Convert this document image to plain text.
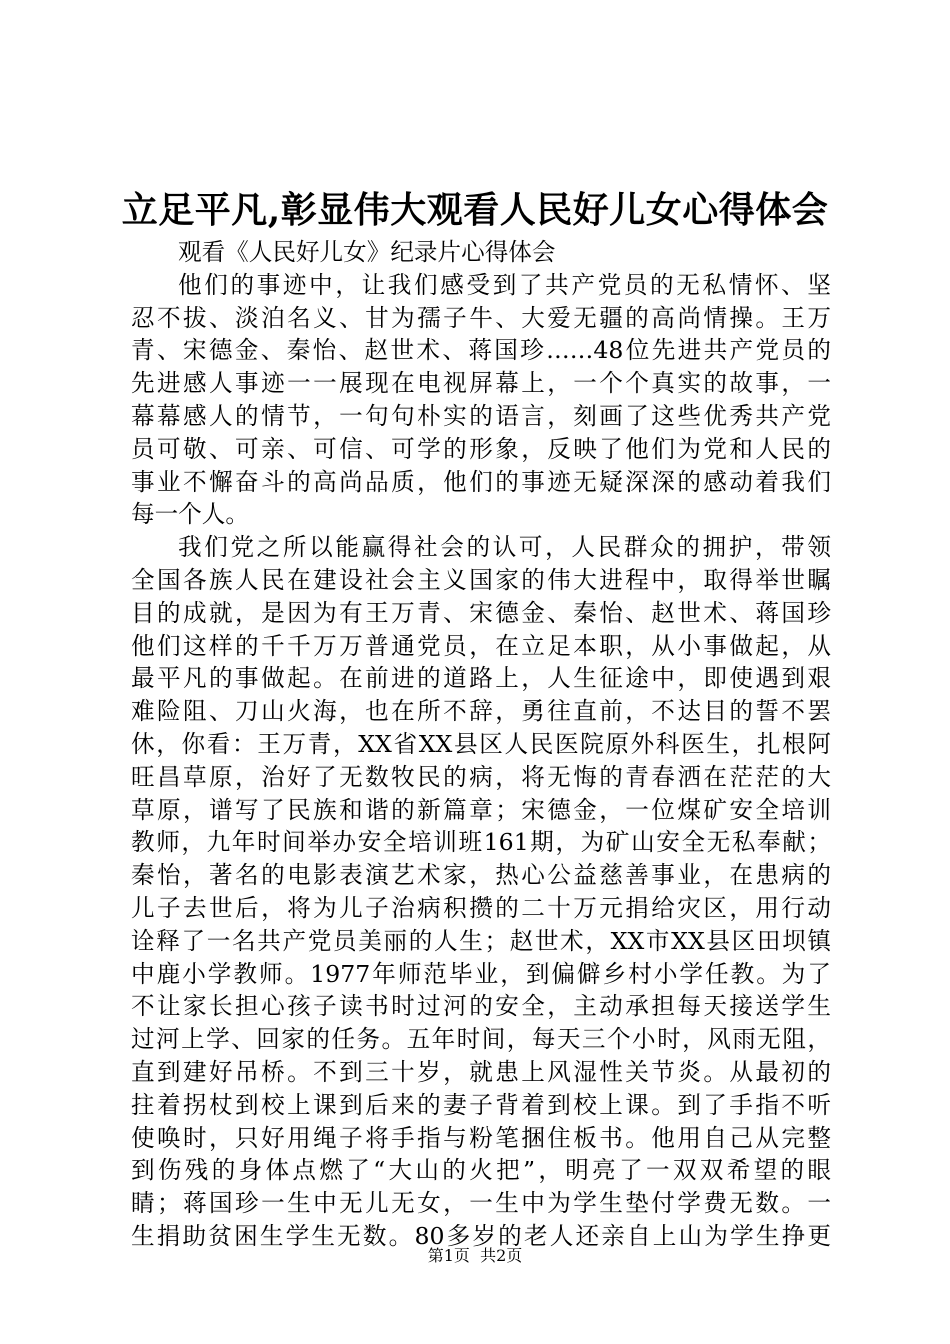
立足平凡,彰显伟大观看人民好儿女心得体会
观看《人民好儿女》纪录片心得体会
他们的事迹中，让我们感受到了共产党员的无私情怀、坚
忍不拔、淡泊名义、甘为孺子牛、大爱无疆的高尚情操。王万
青、宋德金、秦怡、赵世术、蒋国珍……48位先进共产党员的
先进感人事迹一一展现在电视屏幕上，一个个真实的故事，一
幕幕感人的情节，一句句朴实的语言，刻画了这些优秀共产党
员可敬、可亲、可信、可学的形象，反映了他们为党和人民的
事业不懈奋斗的高尚品质，他们的事迹无疑深深的感动着我们
每一个人。
我们党之所以能赢得社会的认可，人民群众的拥护，带领
全国各族人民在建设社会主义国家的伟大进程中，取得举世瞩
目的成就，是因为有王万青、宋德金、秦怡、赵世术、蒋国珍
他们这样的千千万万普通党员，在立足本职，从小事做起，从
最平凡的事做起。在前进的道路上，人生征途中，即使遇到艰
难险阻、刀山火海，也在所不辞，勇往直前，不达目的誓不罢
休，你看：王万青，XX省XX县区人民医院原外科医生，扎根阿
旺昌草原，治好了无数牧民的病，将无悔的青春洒在茫茫的大
草原，谱写了民族和谐的新篇章；宋德金，一位煤矿安全培训
教师，九年时间举办安全培训班161期，为矿山安全无私奉献；
秦怡，著名的电影表演艺术家，热心公益慈善事业，在患病的
儿子去世后，将为儿子治病积攒的二十万元捐给灾区，用行动
诠释了一名共产党员美丽的人生；赵世术，XX市XX县区田坝镇
中鹿小学教师。1977年师范毕业，到偏僻乡村小学任教。为了
不让家长担心孩子读书时过河的安全，主动承担每天接送学生
过河上学、回家的任务。五年时间，每天三个小时，风雨无阻，
直到建好吊桥。不到三十岁，就患上风湿性关节炎。从最初的
拄着拐杖到校上课到后来的妻子背着到校上课。到了手指不听
使唤时，只好用绳子将手指与粉笔捆住板书。他用自己从完整
到伤残的身体点燃了“大山的火把”，明亮了一双双希望的眼
睛；蒋国珍一生中无儿无女，一生中为学生垫付学费无数。一
生捐助贫困生学生无数。80多岁的老人还亲自上山为学生挣更
第1页  共2页
